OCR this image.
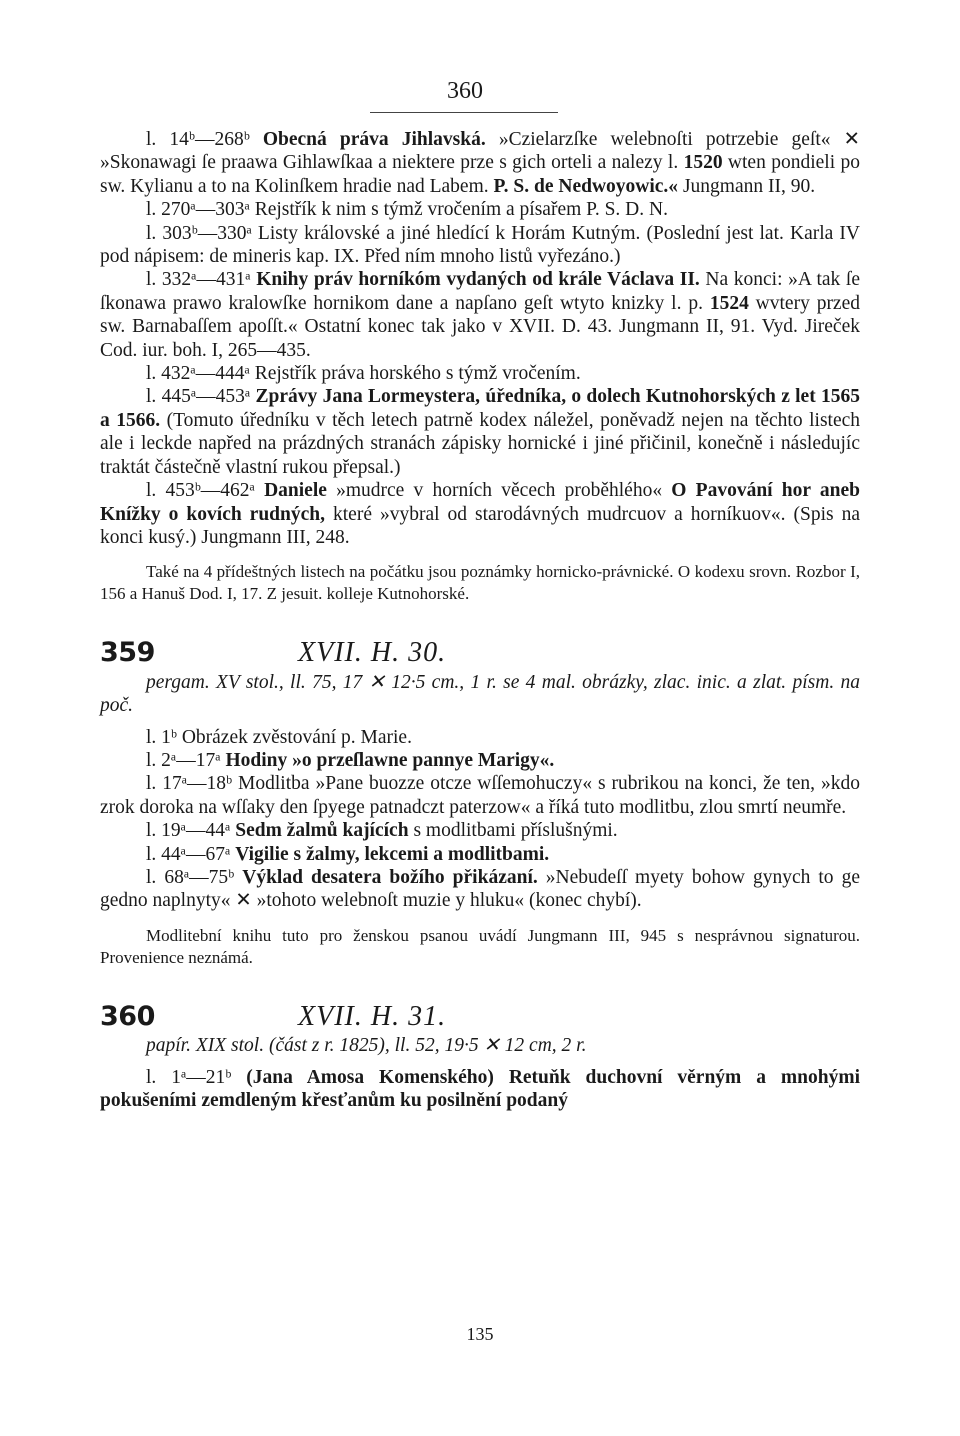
360

l. 14ᵇ—268ᵇ Obecná práva Jihlavská. »Czielarzſke welebnoſti potrzebie geſt« ✕ »Skonawagi ſe praawa Gihlawſkaa a niektere prze s gich orteli a nalezy l. 1520 wten pondieli po sw. Kylianu a to na Kolinſkem hradie nad Labem. P. S. de Nedwoyowic.« Jungmann II, 90.

l. 270ᵃ—303ᵃ Rejstřík k nim s týmž vročením a písařem P. S. D. N.

l. 303ᵇ—330ᵃ Listy královské a jiné hledící k Horám Kutným. (Poslední jest lat. Karla IV pod nápisem: de mineris kap. IX. Před ním mnoho listů vyřezáno.)

l. 332ᵃ—431ᵃ Knihy práv horníkóm vydaných od krále Václava II. Na konci: »A tak ſe ſkonawa prawo kralowſke hornikom dane a napſano geſt wtyto knizky l. p. 1524 wvtery przed sw. Barnabaſſem apoſſt.« Ostatní konec tak jako v XVII. D. 43. Jungmann II, 91. Vyd. Jireček Cod. iur. boh. I, 265—435.

l. 432ᵃ—444ᵃ Rejstřík práva horského s týmž vročením.

l. 445ᵃ—453ᵃ Zprávy Jana Lormeystera, úředníka, o dolech Kutnohorských z let 1565 a 1566. (Tomuto úředníku v těch letech patrně kodex náležel, poněvadž nejen na těchto listech ale i leckde napřed na prázdných stranách zápisky hornické i jiné přičinil, konečně i následujíc traktát částečně vlastní rukou přepsal.)

l. 453ᵇ—462ᵃ Daniele »mudrce v horních věcech proběhlého« O Pavování hor aneb Knížky o kovích rudných, které »vybral od starodávných mudrcuov a horníkuov«. (Spis na konci kusý.) Jungmann III, 248.

Také na 4 přídeštných listech na počátku jsou poznámky hornicko-právnické. O kodexu srovn. Rozbor I, 156 a Hanuš Dod. I, 17. Z jesuit. kolleje Kutnohorské.

359	XVII. H. 30.

pergam. XV stol., ll. 75, 17 ✕ 12·5 cm., 1 r. se 4 mal. obrázky, zlac. inic. a zlat. písm. na poč.

l. 1ᵇ Obrázek zvěstování p. Marie.

l. 2ᵃ—17ᵃ Hodiny »o przeſlawne pannye Marigy«.

l. 17ᵃ—18ᵇ Modlitba »Pane buozze otcze wſſemohuczy« s rubrikou na konci, že ten, »kdo zrok doroka na wſſaky den ſpyege patnadczt paterzow« a říká tuto modlitbu, zlou smrtí neumře.

l. 19ᵃ—44ᵃ Sedm žalmů kajících s modlitbami příslušnými.

l. 44ᵃ—67ᵃ Vigilie s žalmy, lekcemi a modlitbami.

l. 68ᵃ—75ᵇ Výklad desatera božího přikázaní. »Nebudeſſ myety bohow gynych to ge gedno naplnyty« ✕ »tohoto welebnoſt muzie y hluku« (konec chybí).

Modlitební knihu tuto pro ženskou psanou uvádí Jungmann III, 945 s nesprávnou signaturou. Provenience neznámá.

360	XVII. H. 31.

papír. XIX stol. (část z r. 1825), ll. 52, 19·5 ✕ 12 cm, 2 r.

l. 1ᵃ—21ᵇ (Jana Amosa Komenského) Retuňk duchovní věrným a mnohými pokušeními zemdleným křesťanům ku posilnění podaný

135
